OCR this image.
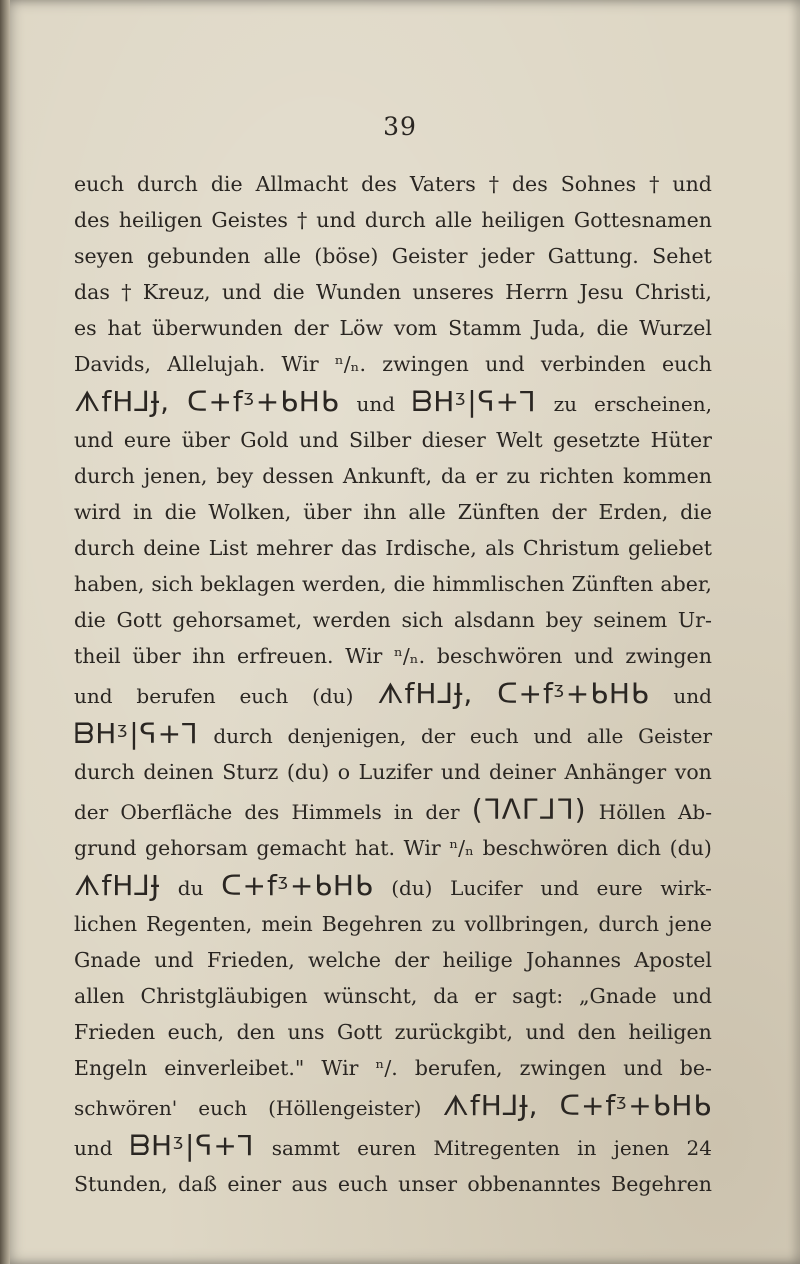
39
euch durch die Allmacht des Vaters † des Sohnes † und
des heiligen Geistes † und durch alle heiligen Gottesnamen
seyen gebunden alle (böse) Geister jeder Gattung. Sehet
das † Kreuz, und die Wunden unseres Herrn Jesu Christi,
es hat überwunden der Löw vom Stamm Juda, die Wurzel
Davids, Allelujah. Wir ⁿ/ₙ. zwingen und verbinden euch
ᗑfH⅃Ɉ, ᑕ+fᶾ+ᑲHᑲ und ᗷHᶾ|ᕋ+Ꞁ zu erscheinen,
und eure über Gold und Silber dieser Welt gesetzte Hüter
durch jenen, bey dessen Ankunft, da er zu richten kommen
wird in die Wolken, über ihn alle Zünften der Erden, die
durch deine List mehrer das Irdische, als Christum geliebet
haben, sich beklagen werden, die himmlischen Zünften aber,
die Gott gehorsamet, werden sich alsdann bey seinem Ur-
theil über ihn erfreuen. Wir ⁿ/ₙ. beschwören und zwingen
und berufen euch (du) ᗑfH⅃Ɉ, ᑕ+fᶾ+ᑲHᑲ und
ᗷHᶾ|ᕋ+Ꞁ durch denjenigen, der euch und alle Geister
durch deinen Sturz (du) o Luzifer und deiner Anhänger von
der Oberfläche des Himmels in der (ᒣᐱᒥᒧᒣ) Höllen Ab-
grund gehorsam gemacht hat. Wir ⁿ/ₙ beschwören dich (du)
ᗑfH⅃Ɉ du ᑕ+fᶾ+ᑲHᑲ (du) Lucifer und eure wirk-
lichen Regenten, mein Begehren zu vollbringen, durch jene
Gnade und Frieden, welche der heilige Johannes Apostel
allen Christgläubigen wünscht, da er sagt: „Gnade und
Frieden euch, den uns Gott zurückgibt, und den heiligen
Engeln einverleibet." Wir ⁿ/. berufen, zwingen und be-
schwören' euch (Höllengeister) ᗑfH⅃Ɉ, ᑕ+fᶾ+ᑲHᑲ
und ᗷHᶾ|ᕋ+Ꞁ sammt euren Mitregenten in jenen 24
Stunden, daß einer aus euch unser obbenanntes Begehren
